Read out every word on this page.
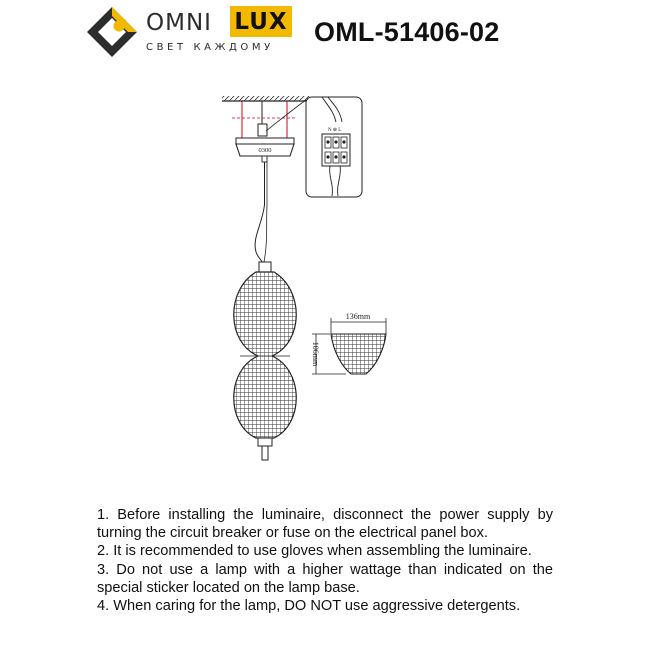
OMNI LUX
СВЕТ КАЖДОМУ
OML-51406-02
0300
N ⊕ L
136mm
106mm

1. Before installing the luminaire, disconnect the power supply by turning the circuit breaker or fuse on the electrical panel box.

2. It is recommended to use gloves when assembling the luminaire.

3. Do not use a lamp with a higher wattage than indicated on the special sticker located on the lamp base.

4. When caring for the lamp, DO NOT use aggressive detergents.
